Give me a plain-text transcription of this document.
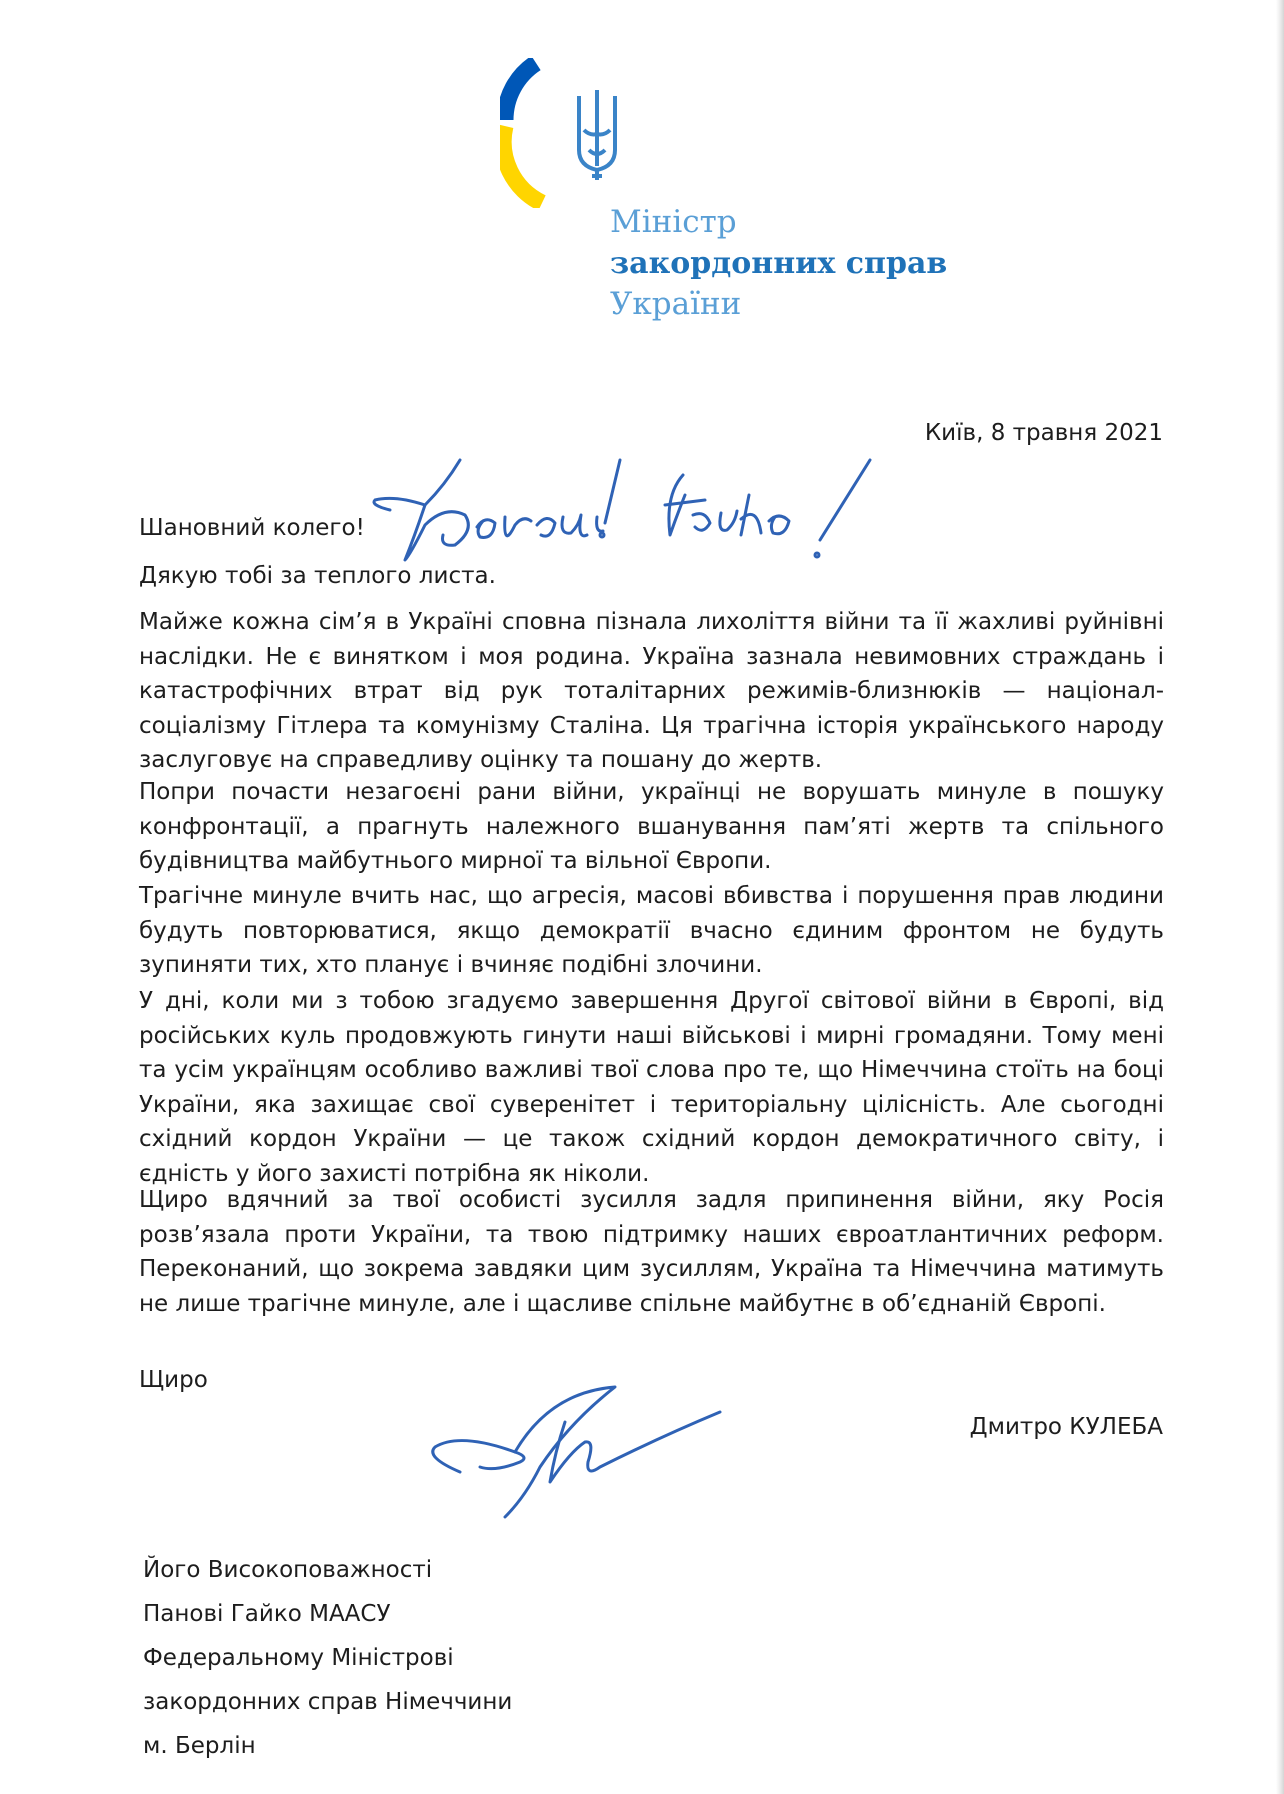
Міністр
закордонних справ
України
Київ, 8 травня 2021
Шановний колего!
Дякую тобі за теплого листа.

Майже кожна сім’я в Україні сповна пізнала лихоліття війни та її жахливі руйнівні наслідки. Не є винятком і моя родина. Україна зазнала невимовних страждань і катастрофічних втрат від рук тоталітарних режимів-близнюків — націонал-соціалізму Гітлера та комунізму Сталіна. Ця трагічна історія українського народу заслуговує на справедливу оцінку та пошану до жертв.

Попри почасти незагоєні рани війни, українці не ворушать минуле в пошуку конфронтації, а прагнуть належного вшанування пам’яті жертв та спільного будівництва майбутнього мирної та вільної Європи.

Трагічне минуле вчить нас, що агресія, масові вбивства і порушення прав людини будуть повторюватися, якщо демократії вчасно єдиним фронтом не будуть зупиняти тих, хто планує і вчиняє подібні злочини.

У дні, коли ми з тобою згадуємо завершення Другої світової війни в Європі, від російських куль продовжують гинути наші військові і мирні громадяни. Тому мені та усім українцям особливо важливі твої слова про те, що Німеччина стоїть на боці України, яка захищає свої суверенітет і територіальну цілісність. Але сьогодні східний кордон України — це також східний кордон демократичного світу, і єдність у його захисті потрібна як ніколи.

Щиро вдячний за твої особисті зусилля задля припинення війни, яку Росія розв’язала проти України, та твою підтримку наших євроатлантичних реформ. Переконаний, що зокрема завдяки цим зусиллям, Україна та Німеччина матимуть не лише трагічне минуле, але і щасливе спільне майбутнє в об’єднаній Європі.

Щиро
Дмитро КУЛЕБА
Його Високоповажності
Панові Гайко МААСУ
Федеральному Міністрові
закордонних справ Німеччини
м. Берлін
